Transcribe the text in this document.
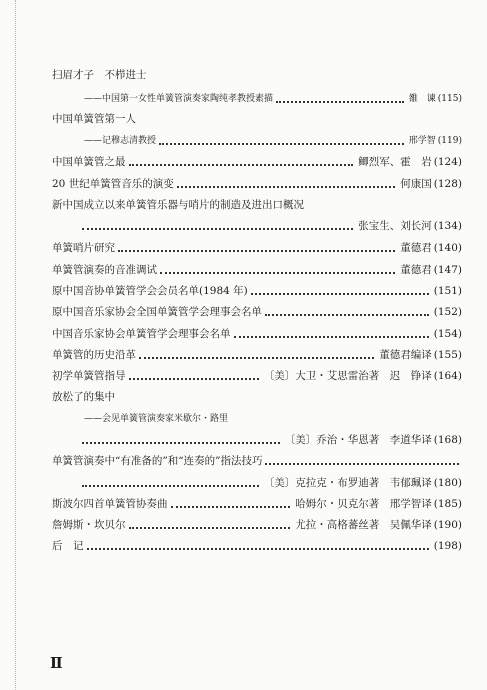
扫眉才子　不栉进士
——中国第一女性单簧管演奏家陶纯孝教授素描	雒　谏 (115)
中国单簧管第一人
——记穆志清教授	邢学智 (119)
中国单簧管之最	鲫烈军、霍　岩 (124)
20 世纪单簧管音乐的演变	何康国 (128)
新中国成立以来单簧管乐器与哨片的制造及进出口概况
张宝生、刘长河 (134)
单簧哨片研究	董德君 (140)
单簧管演奏的音准调试	董德君 (147)
原中国音协单簧管学会会员名单(1984 年)	(151)
原中国音乐家协会全国单簧管学会理事会名单	(152)
中国音乐家协会单簧管学会理事会名单	(154)
单簧管的历史沿革	董德君编译 (155)
初学单簧管指导	〔美〕大卫・艾思雷治著　迟　铮译 (164)
放松了的集中
——会见单簧管演奏家米歇尔・路里
〔美〕乔治・华恩著　李道华译 (168)
单簧管演奏中“有准备的”和“连奏的”指法技巧
〔美〕克拉克・布罗迪著　韦郁珮译 (180)
斯波尔四首单簧管协奏曲	哈姆尔・贝克尔著　邢学智译 (185)
詹姆斯・坎贝尔	尤拉・高格蕃丝著　吴佩华译 (190)
后　记	(198)
Ⅱ
